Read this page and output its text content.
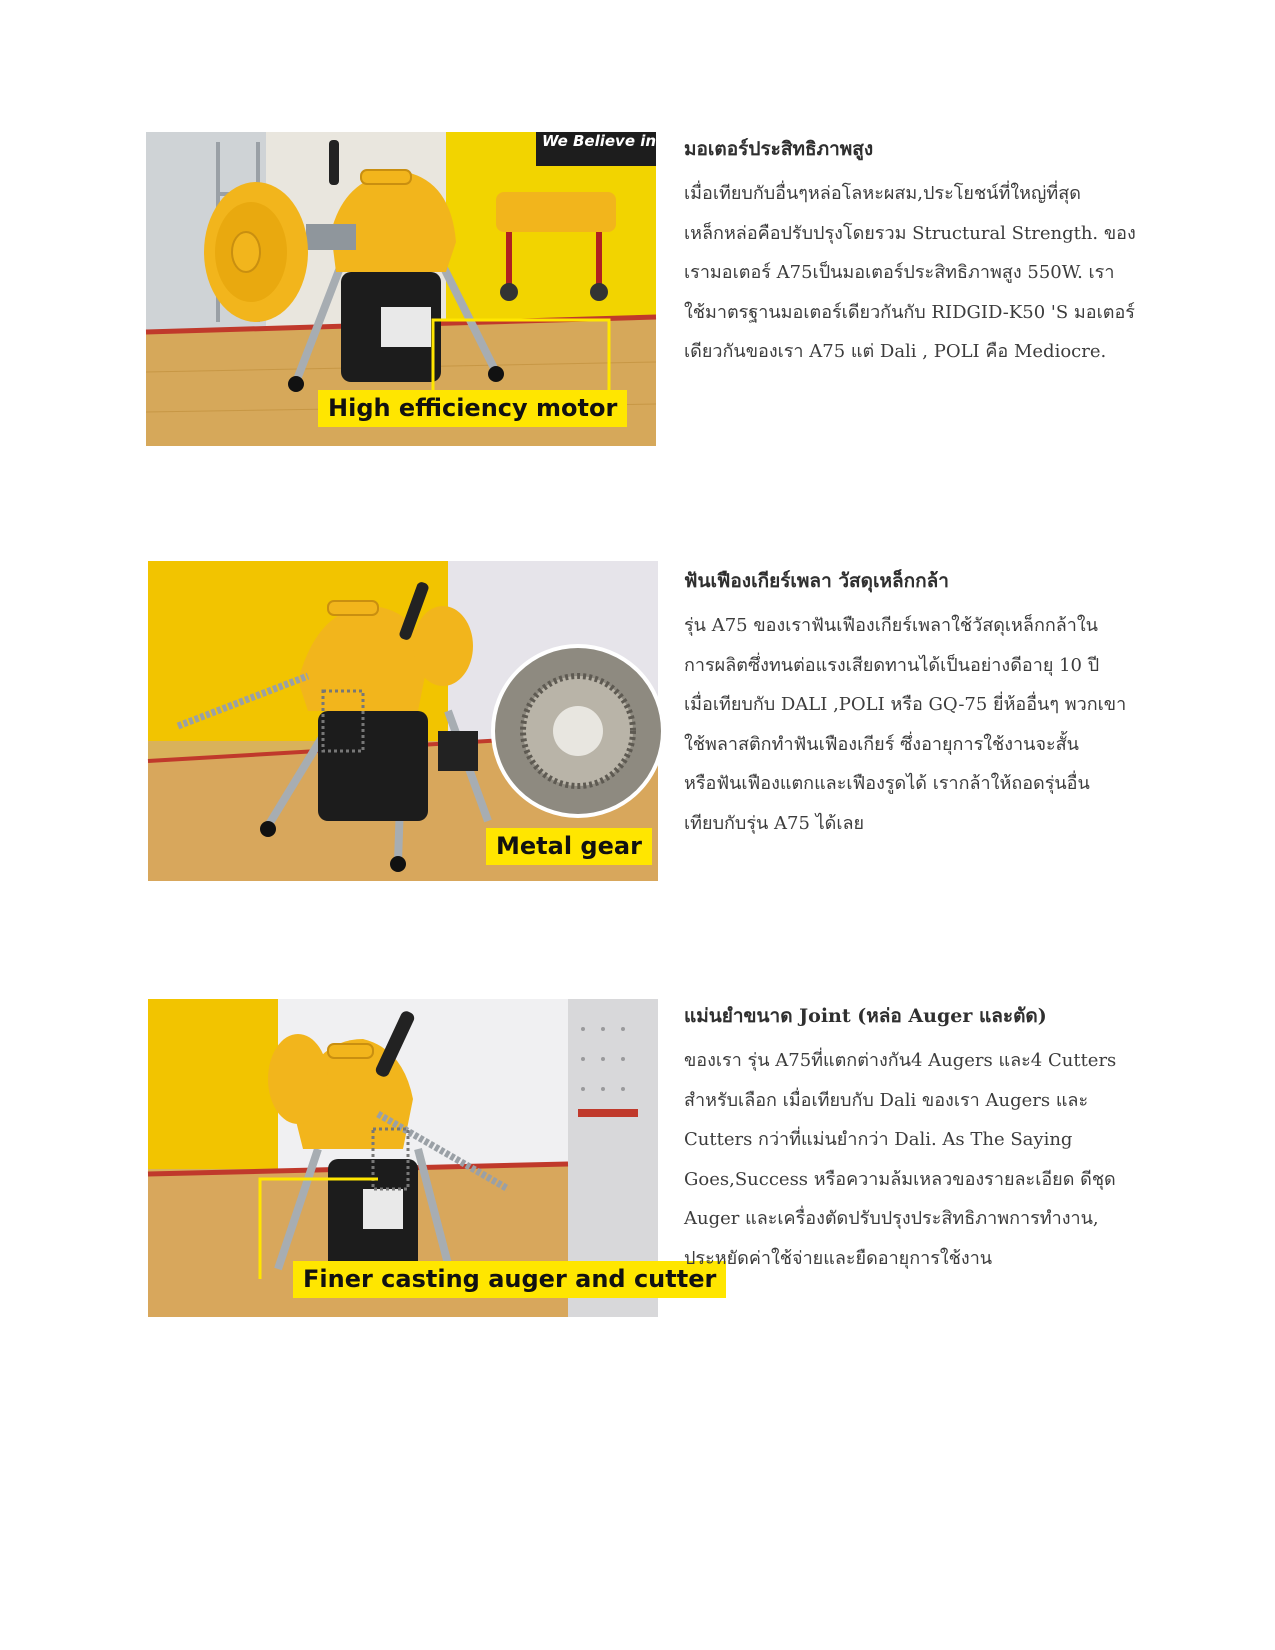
We Believe in
High efficiency motor

มอเตอร์ประสิทธิภาพสูง

เมื่อเทียบกับอื่นๆหล่อโลหะผสม,ประโยชน์ที่ใหญ่ที่สุด
เหล็กหล่อคือปรับปรุงโดยรวม Structural Strength. ของ
เรามอเตอร์ A75เป็นมอเตอร์ประสิทธิภาพสูง 550W. เรา
ใช้มาตรฐานมอเตอร์เดียวกันกับ RIDGID-K50 'S มอเตอร์
เดียวกันของเรา A75 แต่ Dali , POLI คือ Mediocre.
Metal gear

ฟันเฟืองเกียร์เพลา วัสดุเหล็กกล้า

รุ่น A75 ของเราฟันเฟืองเกียร์เพลาใช้วัสดุเหล็กกล้าใน
การผลิตซึ่งทนต่อแรงเสียดทานได้เป็นอย่างดีอายุ 10 ปี
เมื่อเทียบกับ DALI ,POLI หรือ GQ-75 ยี่ห้ออื่นๆ พวกเขา
ใช้พลาสติกทำฟันเฟืองเกียร์ ซึ่งอายุการใช้งานจะสั้น
หรือฟันเฟืองแตกและเฟืองรูดได้ เรากล้าให้ถอดรุ่นอื่น
เทียบกับรุ่น A75 ได้เลย
Finer casting auger and cutter

แม่นยำขนาด Joint (หล่อ Auger และตัด)

ของเรา รุ่น A75ที่แตกต่างกัน4 Augers และ4 Cutters
สำหรับเลือก เมื่อเทียบกับ Dali ของเรา Augers และ
Cutters กว่าที่แม่นยำกว่า Dali. As The Saying
Goes,Success หรือความล้มเหลวของรายละเอียด ดีชุด
Auger และเครื่องตัดปรับปรุงประสิทธิภาพการทำงาน,
ประหยัดค่าใช้จ่ายและยืดอายุการใช้งาน
